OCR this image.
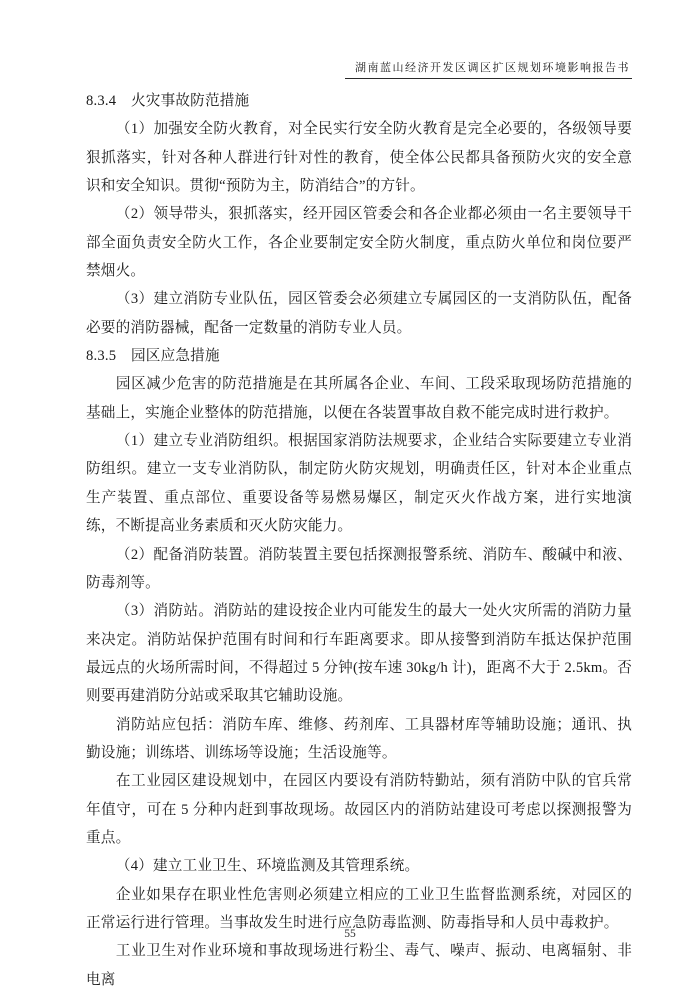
湖南蓝山经济开发区调区扩区规划环境影响报告书
8.3.4　火灾事故防范措施
（1）加强安全防火教育，对全民实行安全防火教育是完全必要的，各级领导要狠抓落实，针对各种人群进行针对性的教育，使全体公民都具备预防火灾的安全意识和安全知识。贯彻“预防为主，防消结合”的方针。
（2）领导带头，狠抓落实，经开园区管委会和各企业都必须由一名主要领导干部全面负责安全防火工作，各企业要制定安全防火制度，重点防火单位和岗位要严禁烟火。
（3）建立消防专业队伍，园区管委会必须建立专属园区的一支消防队伍，配备必要的消防器械，配备一定数量的消防专业人员。
8.3.5　园区应急措施
园区减少危害的防范措施是在其所属各企业、车间、工段采取现场防范措施的基础上，实施企业整体的防范措施，以便在各装置事故自救不能完成时进行救护。
（1）建立专业消防组织。根据国家消防法规要求，企业结合实际要建立专业消防组织。建立一支专业消防队，制定防火防灾规划，明确责任区，针对本企业重点生产装置、重点部位、重要设备等易燃易爆区，制定灭火作战方案，进行实地演练，不断提高业务素质和灭火防灾能力。
（2）配备消防装置。消防装置主要包括探测报警系统、消防车、酸碱中和液、防毒剂等。
（3）消防站。消防站的建设按企业内可能发生的最大一处火灾所需的消防力量来决定。消防站保护范围有时间和行车距离要求。即从接警到消防车抵达保护范围最远点的火场所需时间，不得超过 5 分钟(按车速 30kg/h 计)，距离不大于 2.5km。否则要再建消防分站或采取其它辅助设施。
消防站应包括：消防车库、维修、药剂库、工具器材库等辅助设施；通讯、执勤设施；训练塔、训练场等设施；生活设施等。
在工业园区建设规划中，在园区内要设有消防特勤站，须有消防中队的官兵常年值守，可在 5 分种内赶到事故现场。故园区内的消防站建设可考虑以探测报警为重点。
（4）建立工业卫生、环境监测及其管理系统。
企业如果存在职业性危害则必须建立相应的工业卫生监督监测系统，对园区的正常运行进行管理。当事故发生时进行应急防毒监测、防毒指导和人员中毒救护。
工业卫生对作业环境和事故现场进行粉尘、毒气、噪声、振动、电离辐射、非电离
55
